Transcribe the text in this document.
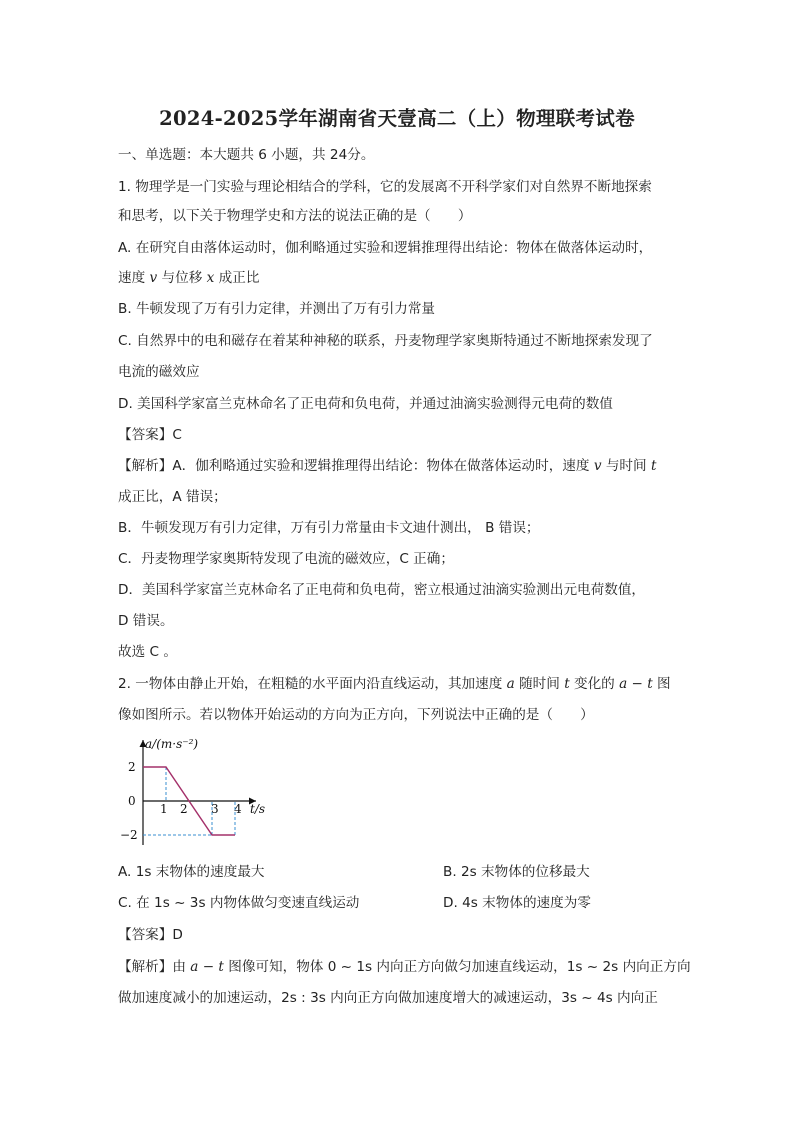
2024-2025学年湖南省天壹高二（上）物理联考试卷
一、单选题：本大题共 6 小题，共 24分。
1. 物理学是一门实验与理论相结合的学科，它的发展离不开科学家们对自然界不断地探索
和思考，以下关于物理学史和方法的说法正确的是（　　）
A. 在研究自由落体运动时，伽利略通过实验和逻辑推理得出结论：物体在做落体运动时，
速度 v 与位移 x 成正比
B. 牛顿发现了万有引力定律，并测出了万有引力常量
C. 自然界中的电和磁存在着某种神秘的联系，丹麦物理学家奥斯特通过不断地探索发现了
电流的磁效应
D. 美国科学家富兰克林命名了正电荷和负电荷，并通过油滴实验测得元电荷的数值
【答案】C
【解析】A．伽利略通过实验和逻辑推理得出结论：物体在做落体运动时，速度 v 与时间 t
成正比，A 错误；
B．牛顿发现万有引力定律，万有引力常量由卡文迪什测出， B 错误；
C．丹麦物理学家奥斯特发现了电流的磁效应，C 正确；
D．美国科学家富兰克林命名了正电荷和负电荷，密立根通过油滴实验测出元电荷数值，
D 错误。
故选 C 。
2. 一物体由静止开始，在粗糙的水平面内沿直线运动，其加速度 a 随时间 t 变化的 a − t 图
像如图所示。若以物体开始运动的方向为正方向，下列说法中正确的是（　　）
a/(m·s⁻²)
t/s
2
0
−2
1 2 3 4
A. 1s 末物体的速度最大	B. 2s 末物体的位移最大
C. 在 1s ~ 3s 内物体做匀变速直线运动	D. 4s 末物体的速度为零
【答案】D
【解析】由 a − t 图像可知，物体 0 ~ 1s 内向正方向做匀加速直线运动，1s ~ 2s 内向正方向
做加速度减小的加速运动，2s : 3s 内向正方向做加速度增大的减速运动，3s ~ 4s 内向正
